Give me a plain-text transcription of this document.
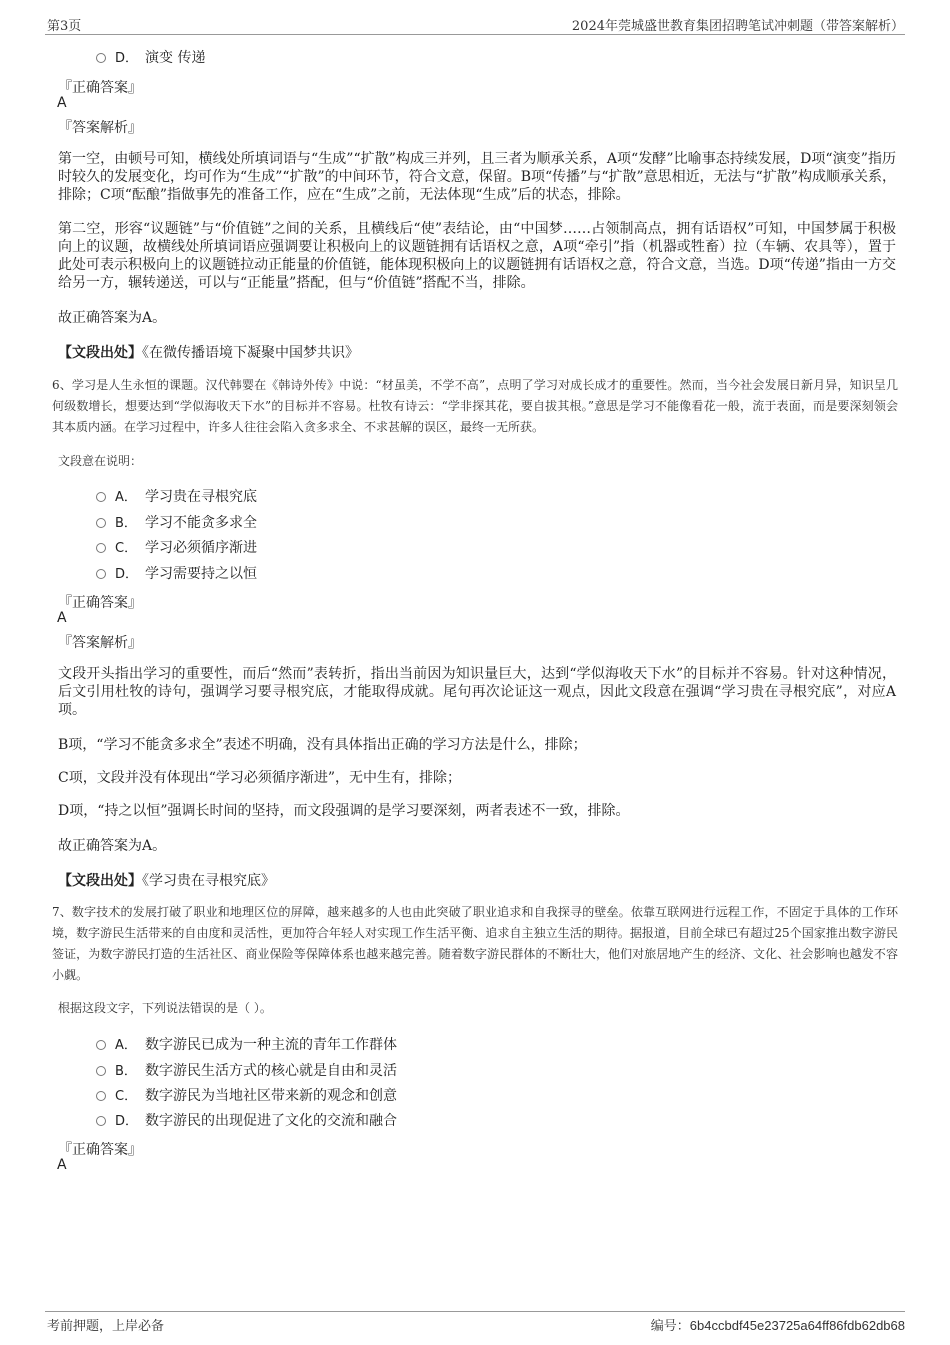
第3页	2024年莞城盛世教育集团招聘笔试冲刺题（带答案解析）
D． 演变 传递
『正确答案』
A
『答案解析』
第一空，由顿号可知，横线处所填词语与“生成”“扩散”构成三并列，且三者为顺承关系，A项“发酵”比喻事态持续发展，D项“演变”指历时较久的发展变化，均可作为“生成”“扩散”的中间环节，符合文意，保留。B项“传播”与“扩散”意思相近，无法与“扩散”构成顺承关系，排除；C项“酝酿”指做事先的准备工作，应在“生成”之前，无法体现“生成”后的状态，排除。
第二空，形容“议题链”与“价值链”之间的关系，且横线后“使”表结论，由“中国梦……占领制高点，拥有话语权”可知，中国梦属于积极向上的议题，故横线处所填词语应强调要让积极向上的议题链拥有话语权之意，A项“牵引”指（机器或牲畜）拉（车辆、农具等），置于此处可表示积极向上的议题链拉动正能量的价值链，能体现积极向上的议题链拥有话语权之意，符合文意，当选。D项“传递”指由一方交给另一方，辗转递送，可以与“正能量”搭配，但与“价值链”搭配不当，排除。
故正确答案为A。
【文段出处】《在微传播语境下凝聚中国梦共识》
6、学习是人生永恒的课题。汉代韩婴在《韩诗外传》中说：“材虽美，不学不高”，点明了学习对成长成才的重要性。然而，当今社会发展日新月异，知识呈几何级数增长，想要达到“学似海收天下水”的目标并不容易。杜牧有诗云：“学非探其花，要自拔其根。”意思是学习不能像看花一般，流于表面，而是要深刻领会其本质内涵。在学习过程中，许多人往往会陷入贪多求全、不求甚解的误区，最终一无所获。
文段意在说明：
A． 学习贵在寻根究底
B． 学习不能贪多求全
C． 学习必须循序渐进
D． 学习需要持之以恒
『正确答案』
A
『答案解析』
文段开头指出学习的重要性，而后“然而”表转折，指出当前因为知识量巨大，达到“学似海收天下水”的目标并不容易。针对这种情况，后文引用杜牧的诗句，强调学习要寻根究底，才能取得成就。尾句再次论证这一观点，因此文段意在强调“学习贵在寻根究底”，对应A项。
B项，“学习不能贪多求全”表述不明确，没有具体指出正确的学习方法是什么，排除；
C项，文段并没有体现出“学习必须循序渐进”，无中生有，排除；
D项，“持之以恒”强调长时间的坚持，而文段强调的是学习要深刻，两者表述不一致，排除。
故正确答案为A。
【文段出处】《学习贵在寻根究底》
7、数字技术的发展打破了职业和地理区位的屏障，越来越多的人也由此突破了职业追求和自我探寻的壁垒。依靠互联网进行远程工作，不固定于具体的工作环境，数字游民生活带来的自由度和灵活性，更加符合年轻人对实现工作生活平衡、追求自主独立生活的期待。据报道，目前全球已有超过25个国家推出数字游民签证，为数字游民打造的生活社区、商业保险等保障体系也越来越完善。随着数字游民群体的不断壮大，他们对旅居地产生的经济、文化、社会影响也越发不容小觑。
根据这段文字，下列说法错误的是（ ）。
A． 数字游民已成为一种主流的青年工作群体
B． 数字游民生活方式的核心就是自由和灵活
C． 数字游民为当地社区带来新的观念和创意
D． 数字游民的出现促进了文化的交流和融合
『正确答案』
A
考前押题，上岸必备	编号：6b4ccbdf45e23725a64ff86fdb62db68
